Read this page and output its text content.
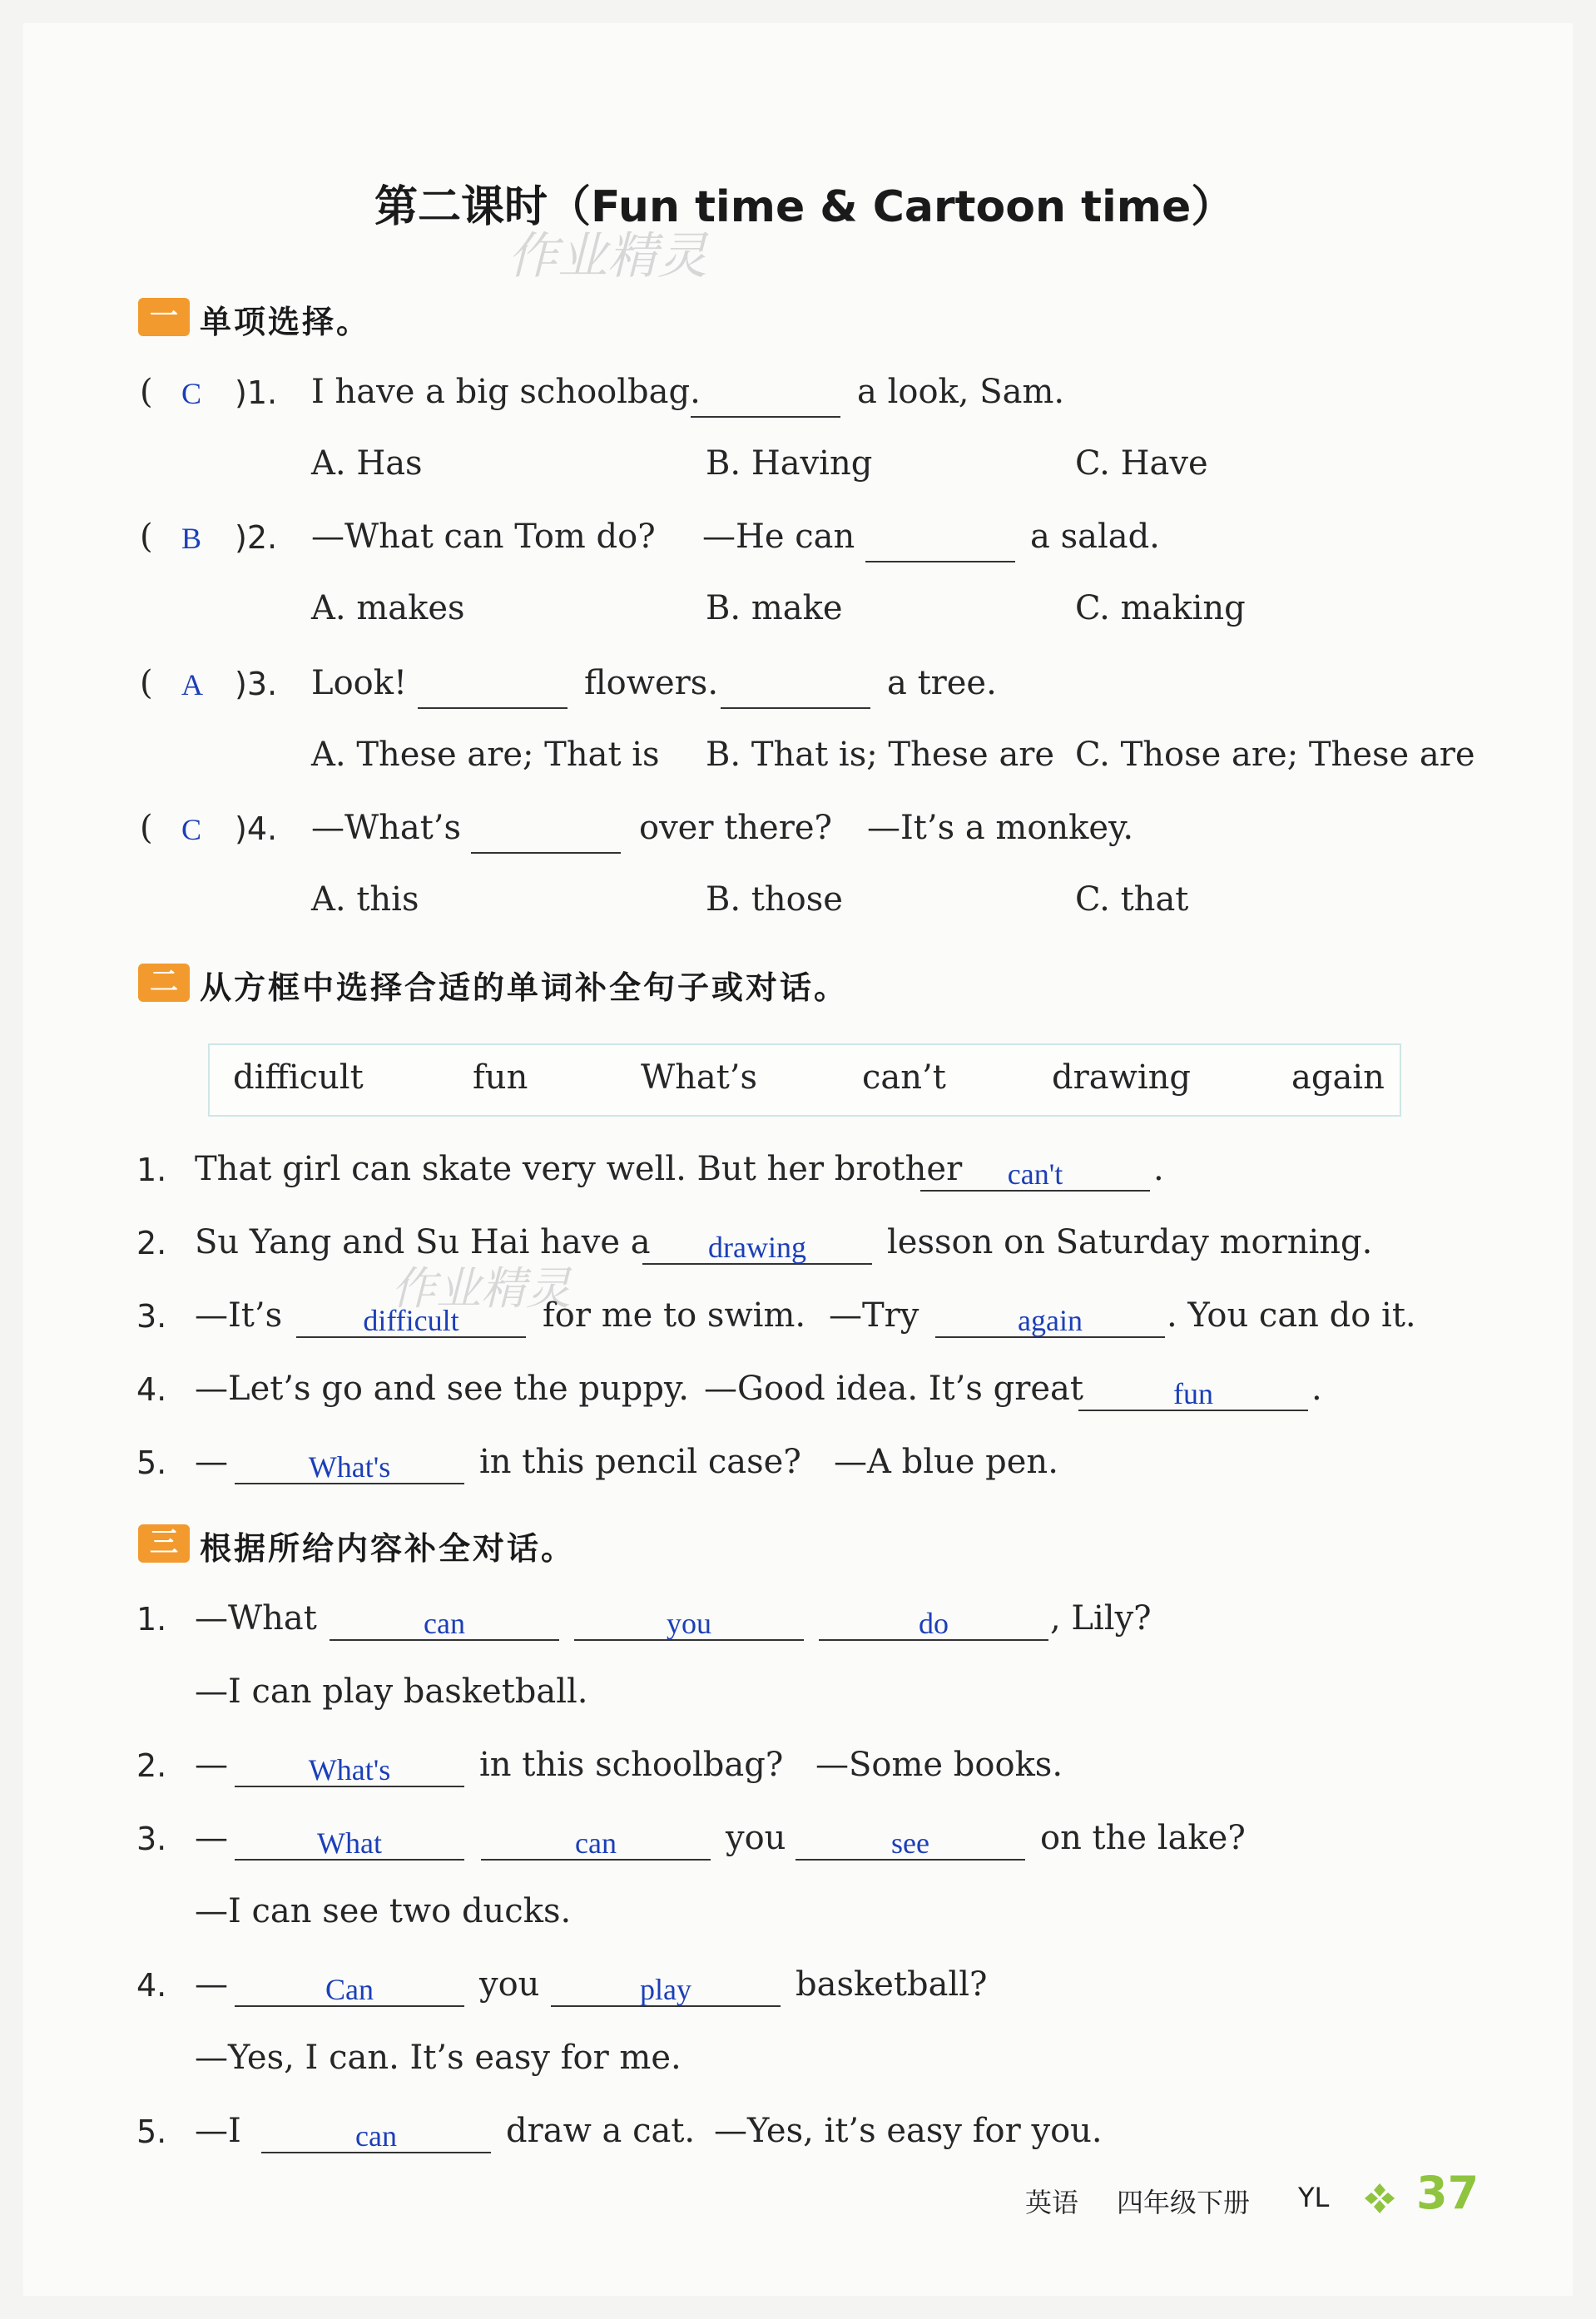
第二课时（Fun time & Cartoon time）
作业精灵
一 单项选择。
( C )1. I have a big schoolbag.	a look, Sam.
A. Has	B. Having	C. Have
( B )2. —What can Tom do? —He can	a salad.
A. makes	B. make	C. making
( A )3. Look!	flowers.	a tree.
A. These are; That is B. That is; These are C. Those are; These are
( C )4. —What’s	over there? —It’s a monkey.
A. this	B. those	C. that
二 从方框中选择合适的单词补全句子或对话。
difficult	fun	What’s	can’t	drawing	again
1. That girl can skate very well. But her brother	can't	.
2. Su Yang and Su Hai have a	drawing	lesson on Saturday morning.
3. —It’s	difficult	for me to swim. —Try	again	. You can do it.
作业精灵
4. —Let’s go and see the puppy. —Good idea. It’s great	fun	.
5. —	What's	in this pencil case? —A blue pen.
三 根据所给内容补全对话。
1. —What	can	you	do	, Lily?
—I can play basketball.
2. —	What's	in this schoolbag? —Some books.
3. —	What	can	you	see	on the lake?
—I can see two ducks.
4. —	Can	you	play	basketball?
—Yes, I can. It’s easy for me.
5. —I	can	draw a cat. —Yes, it’s easy for you.
英语 四年级下册 YL 37
